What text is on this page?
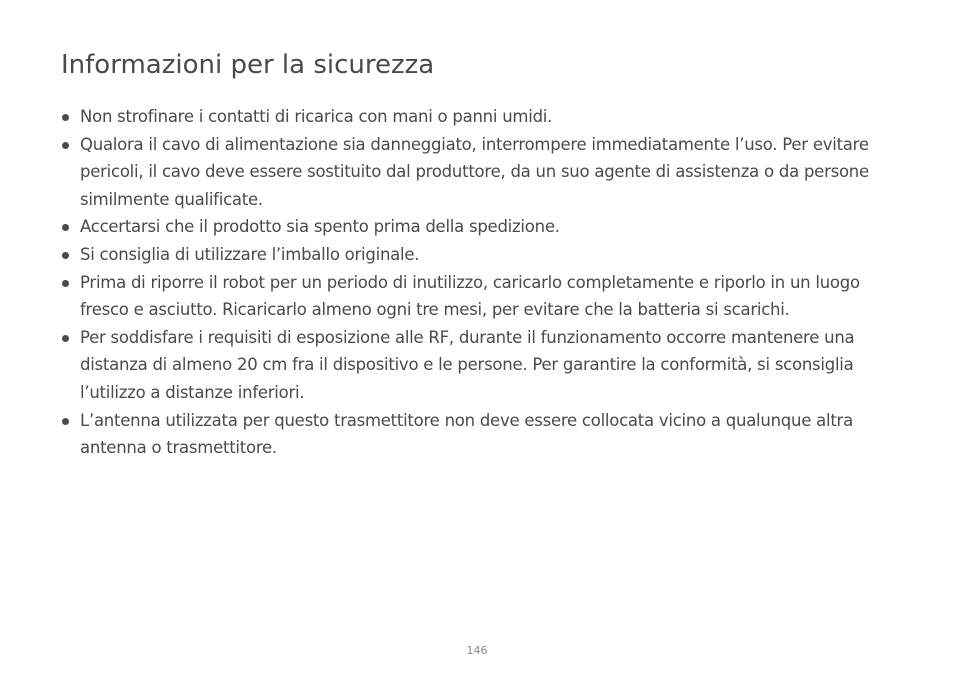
Informazioni per la sicurezza
Non strofinare i contatti di ricarica con mani o panni umidi.
Qualora il cavo di alimentazione sia danneggiato, interrompere immediatamente l’uso. Per evitare pericoli, il cavo deve essere sostituito dal produttore, da un suo agente di assistenza o da persone similmente qualificate.
Accertarsi che il prodotto sia spento prima della spedizione.
Si consiglia di utilizzare l’imballo originale.
Prima di riporre il robot per un periodo di inutilizzo, caricarlo completamente e riporlo in un luogo fresco e asciutto. Ricaricarlo almeno ogni tre mesi, per evitare che la batteria si scarichi.
Per soddisfare i requisiti di esposizione alle RF, durante il funzionamento occorre mantenere una distanza di almeno 20 cm fra il dispositivo e le persone. Per garantire la conformità, si sconsiglia l’utilizzo a distanze inferiori.
L’antenna utilizzata per questo trasmettitore non deve essere collocata vicino a qualunque altra antenna o trasmettitore.
146
